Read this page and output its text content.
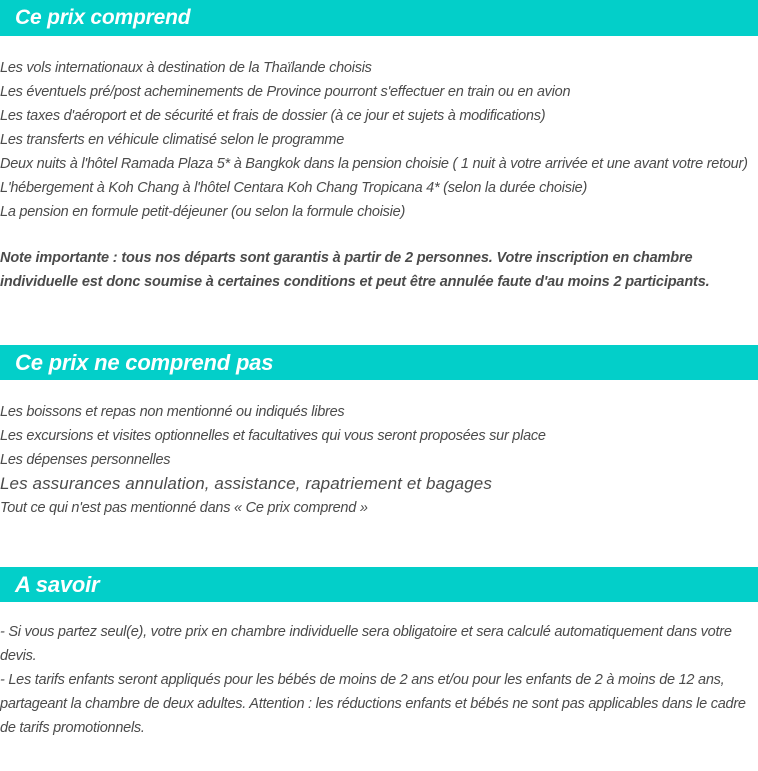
Ce prix comprend
Les vols internationaux à destination de la Thaïlande choisis
Les éventuels pré/post acheminements de Province pourront s'effectuer en train ou en avion
Les taxes d'aéroport et de sécurité et frais de dossier (à ce jour et sujets à modifications)
Les transferts en véhicule climatisé selon le programme
Deux nuits à l'hôtel Ramada Plaza 5* à Bangkok dans la pension choisie ( 1 nuit à votre arrivée et une avant votre retour)
L'hébergement à Koh Chang à l'hôtel Centara Koh Chang Tropicana 4* (selon la durée choisie)
La pension en formule petit-déjeuner (ou selon la formule choisie)
Note importante : tous nos départs sont garantis à partir de 2 personnes. Votre inscription en chambre individuelle est donc soumise à certaines conditions et peut être annulée faute d'au moins 2 participants.
Ce prix ne comprend pas
Les boissons et repas non mentionné ou indiqués libres
Les excursions et visites optionnelles et facultatives qui vous seront proposées sur place
Les dépenses personnelles
Les assurances annulation, assistance, rapatriement et bagages
Tout ce qui n'est pas mentionné dans « Ce prix comprend »
A savoir
- Si vous partez seul(e), votre prix en chambre individuelle sera obligatoire et sera calculé automatiquement dans votre devis.
- Les tarifs enfants seront appliqués pour les bébés de moins de 2 ans et/ou pour les enfants de 2 à moins de 12 ans, partageant la chambre de deux adultes. Attention : les réductions enfants et bébés ne sont pas applicables dans le cadre de tarifs promotionnels.
